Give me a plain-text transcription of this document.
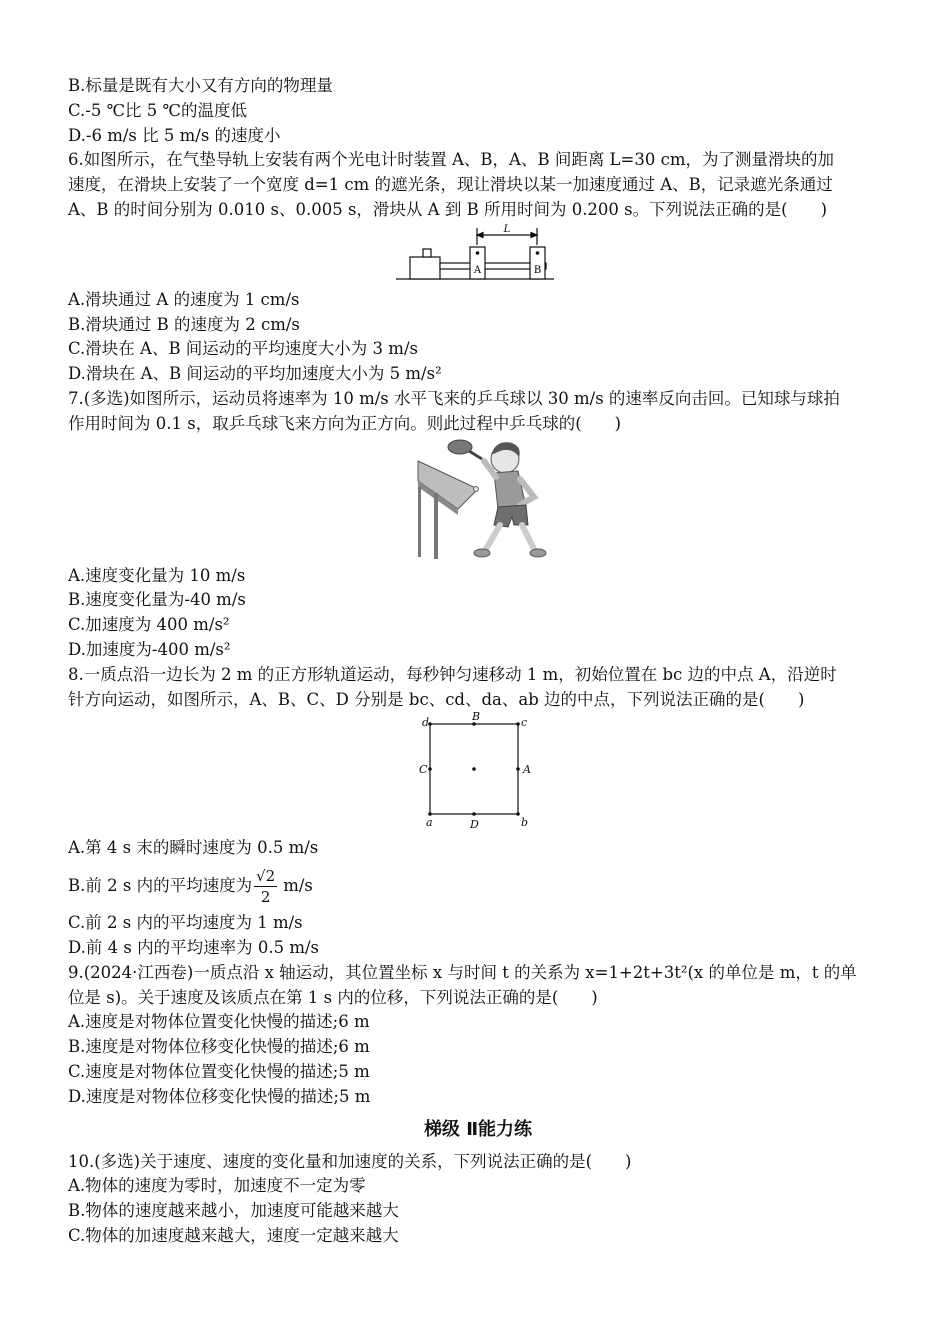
B.标量是既有大小又有方向的物理量
C.-5 ℃比 5 ℃的温度低
D.-6 m/s 比 5 m/s 的速度小
6.如图所示，在气垫导轨上安装有两个光电计时装置 A、B，A、B 间距离 L=30 cm，为了测量滑块的加
速度，在滑块上安装了一个宽度 d=1 cm 的遮光条，现让滑块以某一加速度通过 A、B，记录遮光条通过
A、B 的时间分别为 0.010 s、0.005 s，滑块从 A 到 B 所用时间为 0.200 s。下列说法正确的是(　　)
L
A	B
A.滑块通过 A 的速度为 1 cm/s
B.滑块通过 B 的速度为 2 cm/s
C.滑块在 A、B 间运动的平均速度大小为 3 m/s
D.滑块在 A、B 间运动的平均加速度大小为 5 m/s²
7.(多选)如图所示，运动员将速率为 10 m/s 水平飞来的乒乓球以 30 m/s 的速率反向击回。已知球与球拍
作用时间为 0.1 s，取乒乓球飞来方向为正方向。则此过程中乒乓球的(　　)
A.速度变化量为 10 m/s
B.速度变化量为-40 m/s
C.加速度为 400 m/s²
D.加速度为-400 m/s²
8.一质点沿一边长为 2 m 的正方形轨道运动，每秒钟匀速移动 1 m，初始位置在 bc 边的中点 A，沿逆时
针方向运动，如图所示，A、B、C、D 分别是 bc、cd、da、ab 边的中点，下列说法正确的是(　　)
d	B	c
C	A
a	D	b
A.第 4 s 末的瞬时速度为 0.5 m/s
B.前 2 s 内的平均速度为 $\frac{√2}{2} m/s$
C.前 2 s 内的平均速度为 1 m/s
D.前 4 s 内的平均速率为 0.5 m/s
9.(2024·江西卷)一质点沿 x 轴运动，其位置坐标 x 与时间 t 的关系为 x=1+2t+3t²(x 的单位是 m，t 的单
位是 s)。关于速度及该质点在第 1 s 内的位移，下列说法正确的是(　　)
A.速度是对物体位置变化快慢的描述;6 m
B.速度是对物体位移变化快慢的描述;6 m
C.速度是对物体位置变化快慢的描述;5 m
D.速度是对物体位移变化快慢的描述;5 m
梯级 Ⅱ能力练
10.(多选)关于速度、速度的变化量和加速度的关系，下列说法正确的是(　　)
A.物体的速度为零时，加速度不一定为零
B.物体的速度越来越小，加速度可能越来越大
C.物体的加速度越来越大，速度一定越来越大
